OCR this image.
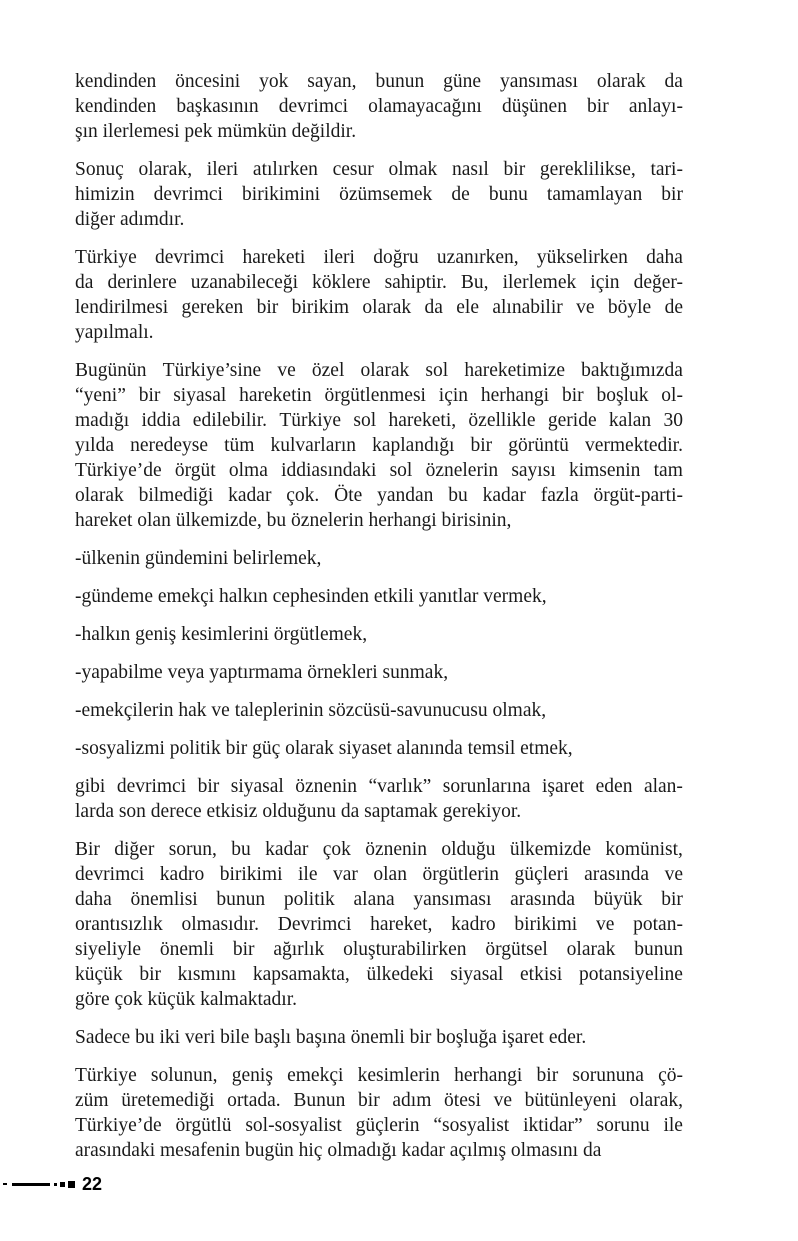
kendinden öncesini yok sayan, bunun güne yansıması olarak da
kendinden başkasının devrimci olamayacağını düşünen bir anlayı-
şın ilerlemesi pek mümkün değildir.
Sonuç olarak, ileri atılırken cesur olmak nasıl bir gereklilikse, tari-
himizin devrimci birikimini özümsemek de bunu tamamlayan bir
diğer adımdır.
Türkiye devrimci hareketi ileri doğru uzanırken, yükselirken daha
da derinlere uzanabileceği köklere sahiptir. Bu, ilerlemek için değer-
lendirilmesi gereken bir birikim olarak da ele alınabilir ve böyle de
yapılmalı.
Bugünün Türkiye’sine ve özel olarak sol hareketimize baktığımızda
“yeni” bir siyasal hareketin örgütlenmesi için herhangi bir boşluk ol-
madığı iddia edilebilir. Türkiye sol hareketi, özellikle geride kalan 30
yılda neredeyse tüm kulvarların kaplandığı bir görüntü vermektedir.
Türkiye’de örgüt olma iddiasındaki sol öznelerin sayısı kimsenin tam
olarak bilmediği kadar çok. Öte yandan bu kadar fazla örgüt-parti-
hareket olan ülkemizde, bu öznelerin herhangi birisinin,
-ülkenin gündemini belirlemek,
-gündeme emekçi halkın cephesinden etkili yanıtlar vermek,
-halkın geniş kesimlerini örgütlemek,
-yapabilme veya yaptırmama örnekleri sunmak,
-emekçilerin hak ve taleplerinin sözcüsü-savunucusu olmak,
-sosyalizmi politik bir güç olarak siyaset alanında temsil etmek,
gibi devrimci bir siyasal öznenin “varlık” sorunlarına işaret eden alan-
larda son derece etkisiz olduğunu da saptamak gerekiyor.
Bir diğer sorun, bu kadar çok öznenin olduğu ülkemizde komünist,
devrimci kadro birikimi ile var olan örgütlerin güçleri arasında ve
daha önemlisi bunun politik alana yansıması arasında büyük bir
orantısızlık olmasıdır. Devrimci hareket, kadro birikimi ve potan-
siyeliyle önemli bir ağırlık oluşturabilirken örgütsel olarak bunun
küçük bir kısmını kapsamakta, ülkedeki siyasal etkisi potansiyeline
göre çok küçük kalmaktadır.
Sadece bu iki veri bile başlı başına önemli bir boşluğa işaret eder.
Türkiye solunun, geniş emekçi kesimlerin herhangi bir sorununa çö-
züm üretemediği ortada. Bunun bir adım ötesi ve bütünleyeni olarak,
Türkiye’de örgütlü sol-sosyalist güçlerin “sosyalist iktidar” sorunu ile
arasındaki mesafenin bugün hiç olmadığı kadar açılmış olmasını da
22
